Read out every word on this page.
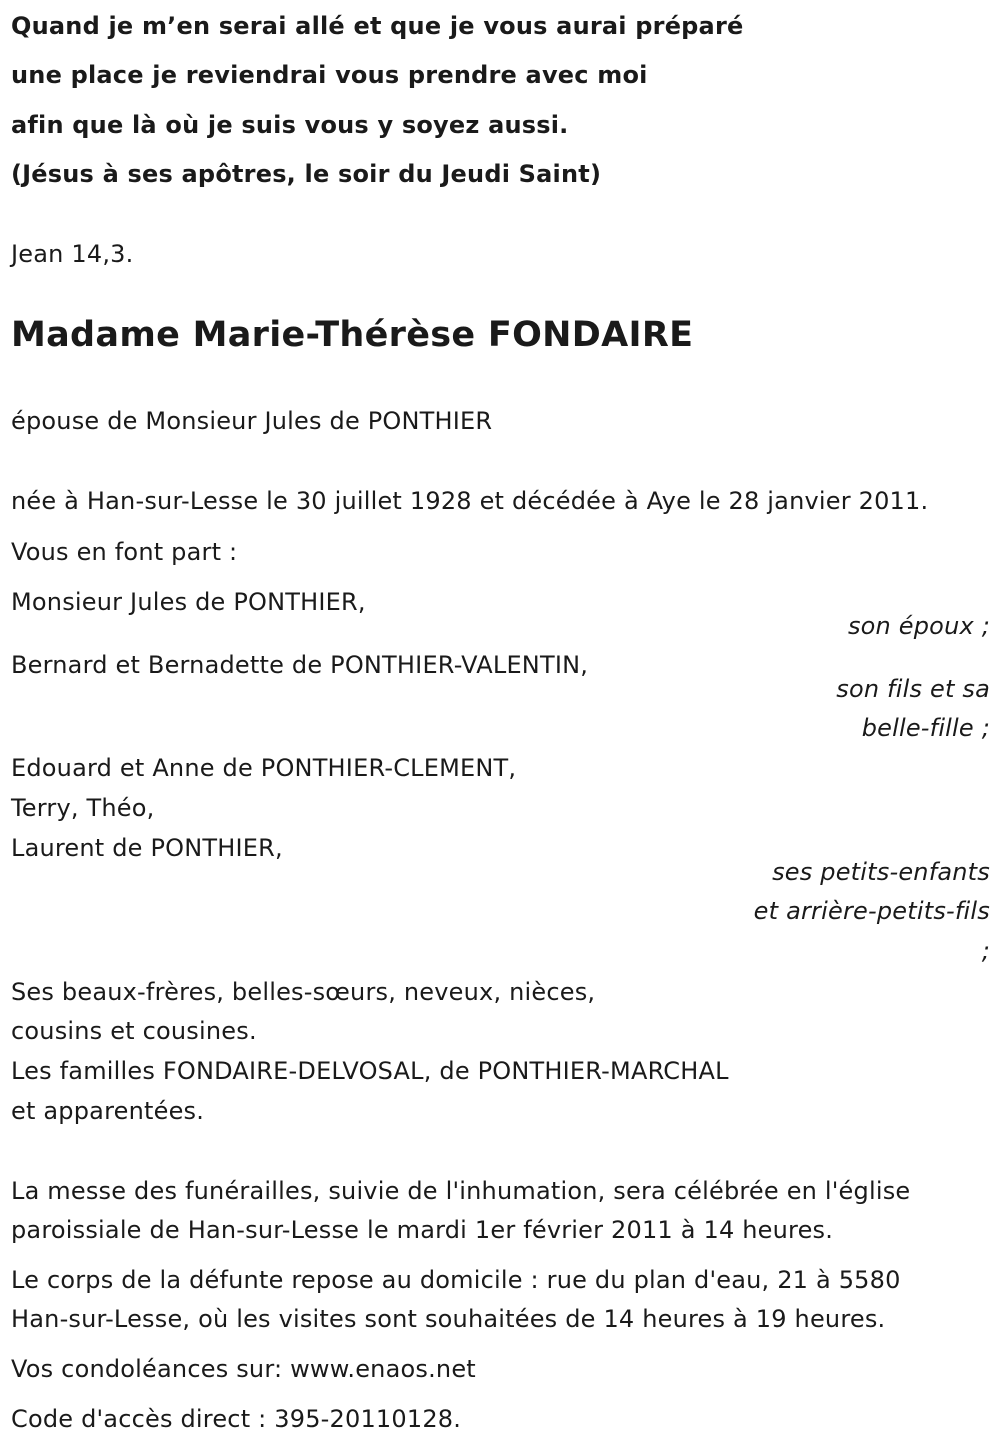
Quand je m’en serai allé et que je vous aurai préparé
une place je reviendrai vous prendre avec moi
afin que là où je suis vous y soyez aussi.
(Jésus à ses apôtres, le soir du Jeudi Saint)
Jean 14,3.
Madame Marie-Thérèse FONDAIRE
épouse de Monsieur Jules de PONTHIER
née à Han-sur-Lesse le 30 juillet 1928 et décédée à Aye le 28 janvier 2011.
Vous en font part :
Monsieur Jules de PONTHIER,
son époux ;
Bernard et Bernadette de PONTHIER-VALENTIN,
son fils et sa
belle-fille ;
Edouard et Anne de PONTHIER-CLEMENT,
Terry, Théo,
Laurent de PONTHIER,
ses petits-enfants
et arrière-petits-fils
;
Ses beaux-frères, belles-sœurs, neveux, nièces,
cousins et cousines.
Les familles FONDAIRE-DELVOSAL, de PONTHIER-MARCHAL
et apparentées.
La messe des funérailles, suivie de l'inhumation, sera célébrée en l'église
paroissiale de Han-sur-Lesse le mardi 1er février 2011 à 14 heures.
Le corps de la défunte repose au domicile : rue du plan d'eau, 21 à 5580
Han-sur-Lesse, où les visites sont souhaitées de 14 heures à 19 heures.
Vos condoléances sur: www.enaos.net
Code d'accès direct : 395-20110128.
